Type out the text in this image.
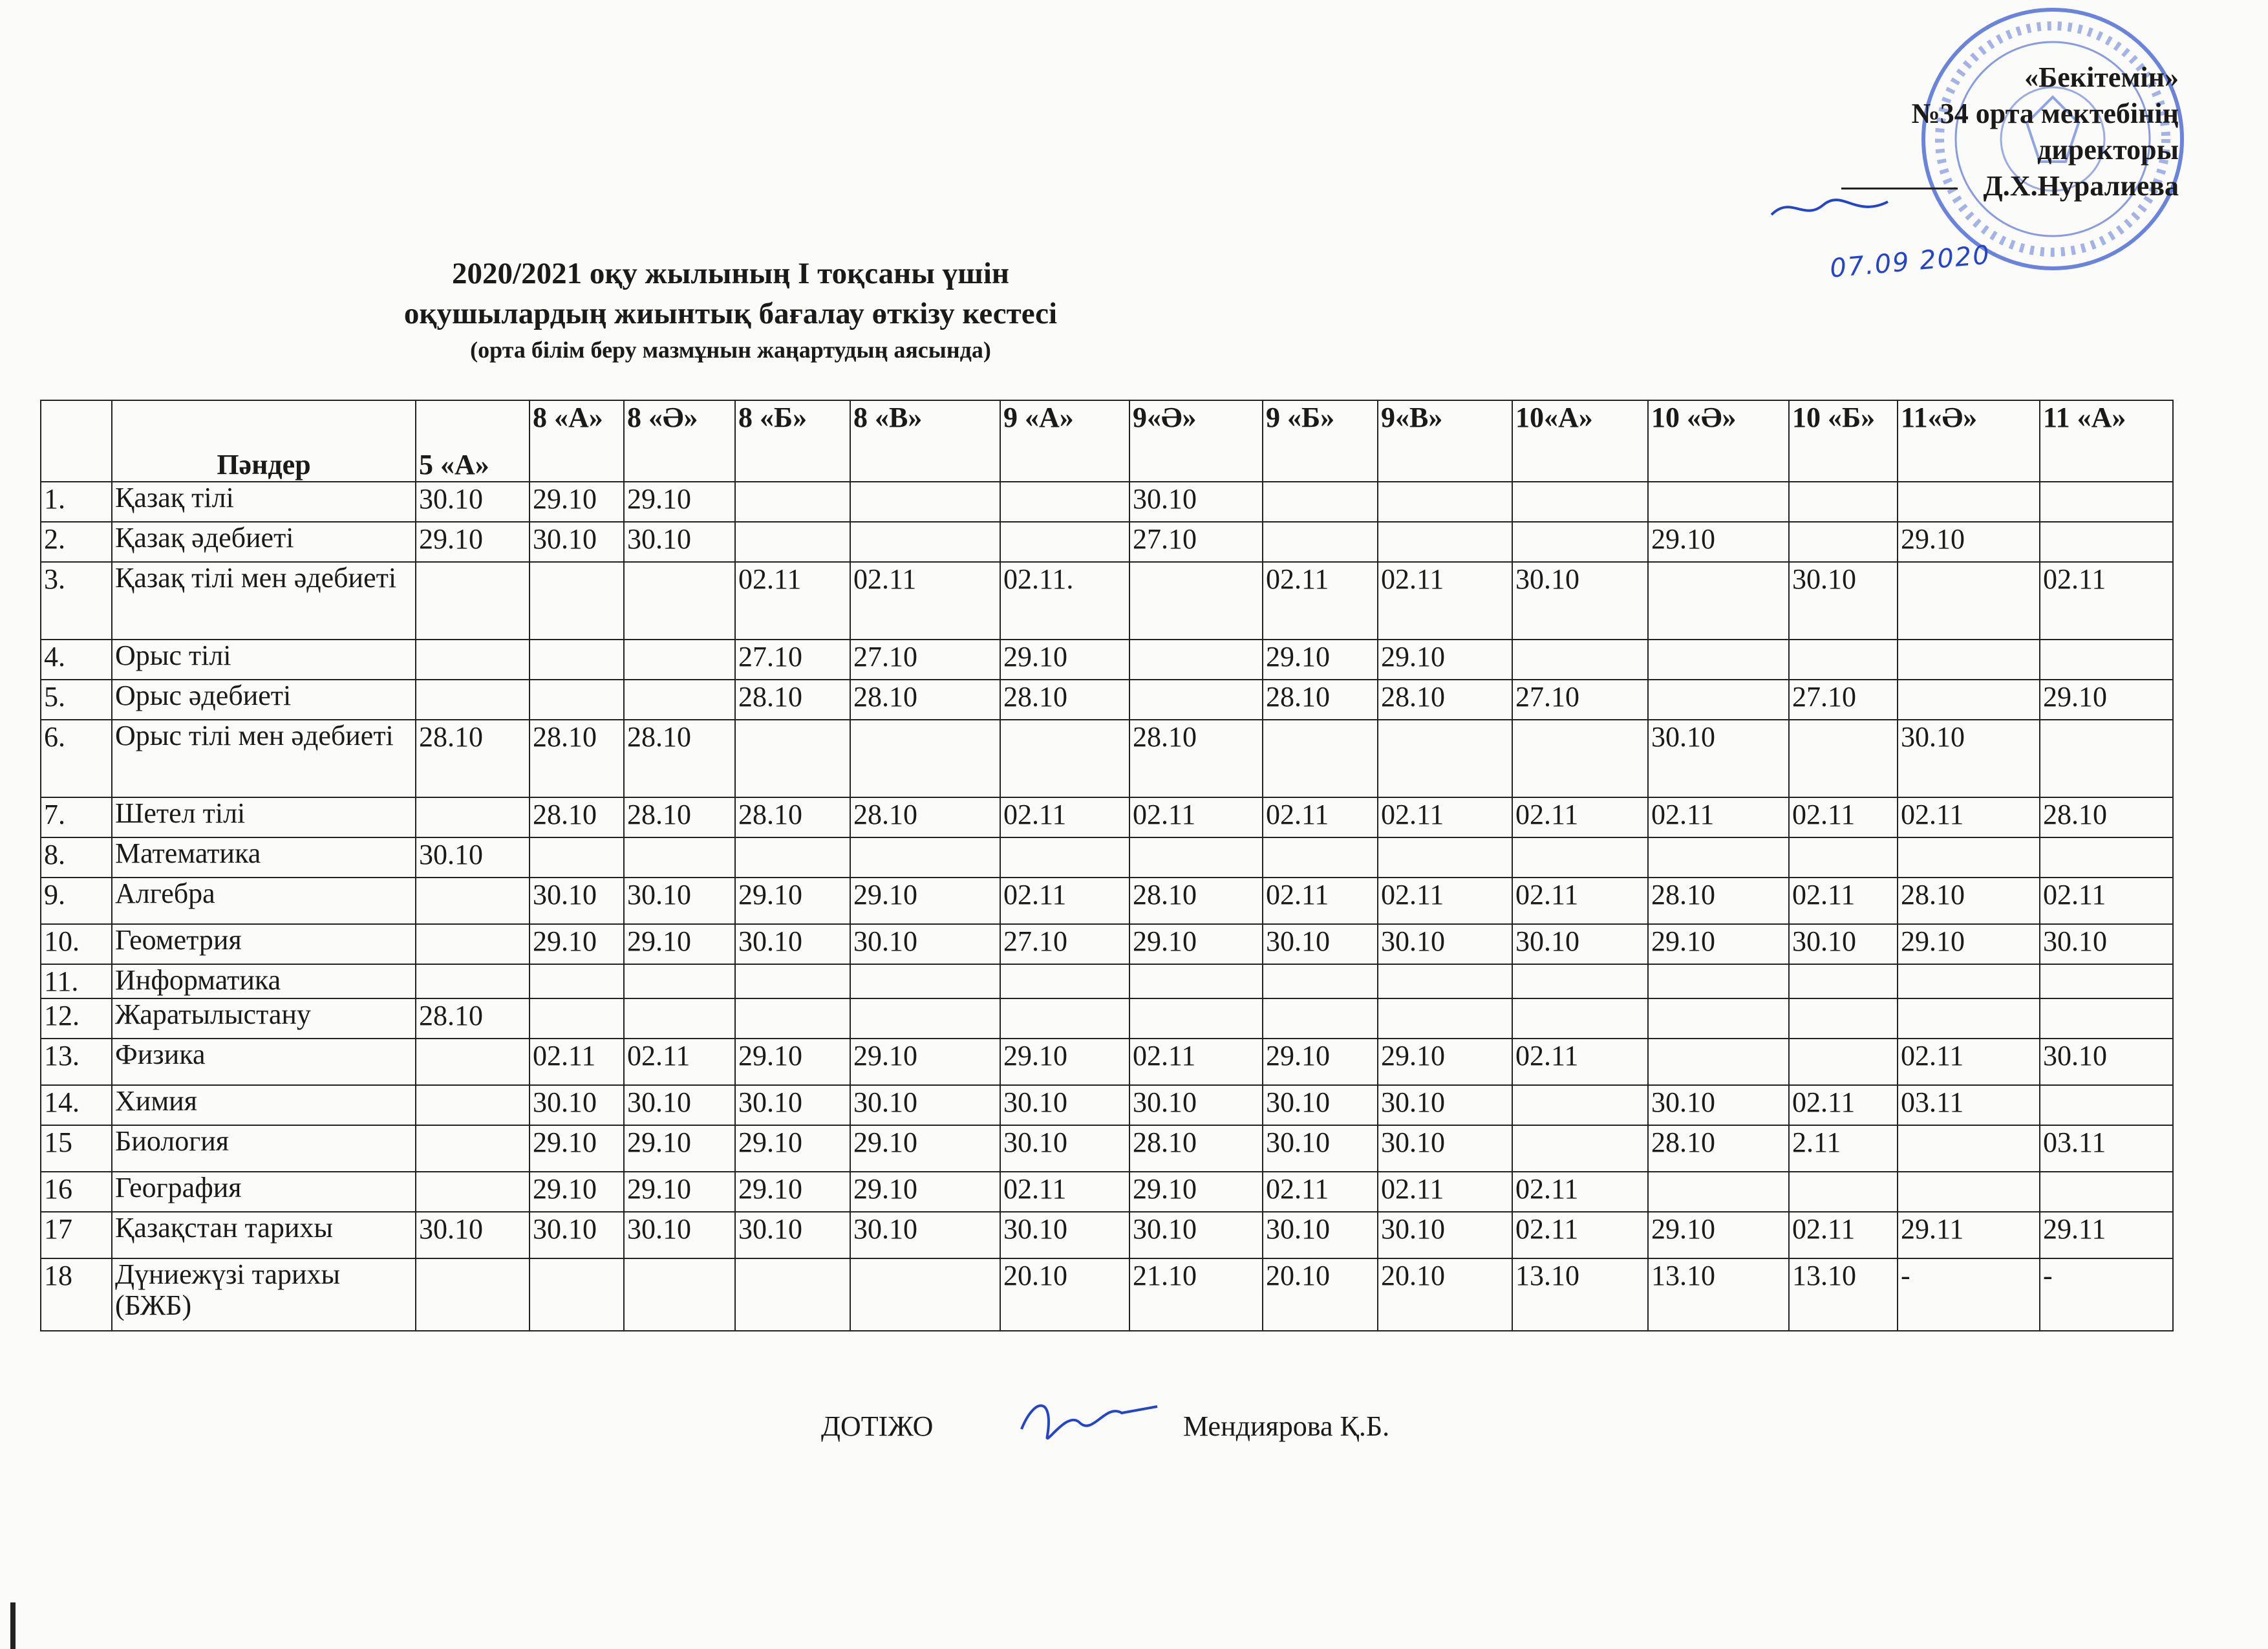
«Бекітемін»
№34 орта мектебінің
директоры
Д.Х.Нуралиева
07.09 2020
2020/2021 оқу жылының І тоқсаны үшін
оқушылардың жиынтық бағалау өткізу кестесі
(орта білім беру мазмұнын жаңартудың аясында)
	Пәндер	5 «А»	8 «А»	8 «Ә»	8 «Б»	8 «В»	9 «А»	9«Ә»	9 «Б»	9«В»	10«А»	10 «Ә»	10 «Б»	11«Ә»	11 «А»
1.	Қазақ тілі	30.10	29.10	29.10				30.10							
2.	Қазақ әдебиеті	29.10	30.10	30.10				27.10				29.10		29.10	
3.	Қазақ тілі мен әдебиеті				02.11	02.11	02.11.		02.11	02.11	30.10		30.10		02.11
4.	Орыс тілі				27.10	27.10	29.10		29.10	29.10					
5.	Орыс әдебиеті				28.10	28.10	28.10		28.10	28.10	27.10		27.10		29.10
6.	Орыс тілі мен әдебиеті	28.10	28.10	28.10				28.10				30.10		30.10	
7.	Шетел тілі		28.10	28.10	28.10	28.10	02.11	02.11	02.11	02.11	02.11	02.11	02.11	02.11	28.10
8.	Математика	30.10													
9.	Алгебра		30.10	30.10	29.10	29.10	02.11	28.10	02.11	02.11	02.11	28.10	02.11	28.10	02.11
10.	Геометрия		29.10	29.10	30.10	30.10	27.10	29.10	30.10	30.10	30.10	29.10	30.10	29.10	30.10
11.	Информатика														
12.	Жаратылыстану	28.10													
13.	Физика		02.11	02.11	29.10	29.10	29.10	02.11	29.10	29.10	02.11			02.11	30.10
14.	Химия		30.10	30.10	30.10	30.10	30.10	30.10	30.10	30.10		30.10	02.11	03.11	
15	Биология		29.10	29.10	29.10	29.10	30.10	28.10	30.10	30.10		28.10	2.11		03.11
16	География		29.10	29.10	29.10	29.10	02.11	29.10	02.11	02.11	02.11				
17	Қазақстан тарихы	30.10	30.10	30.10	30.10	30.10	30.10	30.10	30.10	30.10	02.11	29.10	02.11	29.11	29.11
18	Дүниежүзі тарихы (БЖБ)						20.10	21.10	20.10	20.10	13.10	13.10	13.10	-	-
ДОТІЖО	Мендиярова Қ.Б.
